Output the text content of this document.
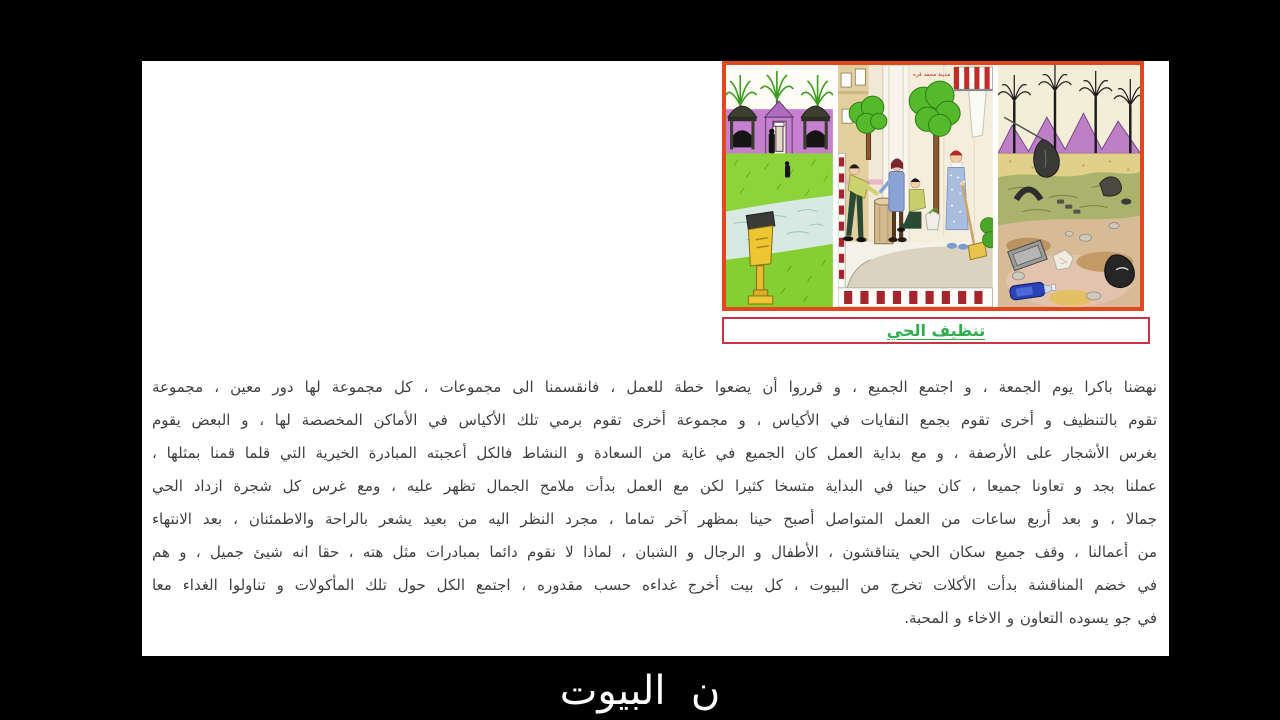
مدينة محمد قره
تنظيف الحي
نهضنا باكرا يوم الجمعة ، و اجتمع الجميع ، و قرروا أن يضعوا خطة للعمل ، فانقسمنا الى مجموعات ، كل مجموعة لها دور معين ، مجموعة
تقوم بالتنظيف و أخرى تقوم بجمع النفايات في الأكياس ، و مجموعة أخرى تقوم برمي تلك الأكياس في الأماكن المخصصة لها ، و البعض يقوم
بغرس الأشجار على الأرصفة ، و مع بداية العمل كان الجميع في غاية من السعادة و النشاط فالكل أعجبته المبادرة الخيرية التي قلما قمنا بمثلها ،
عملنا بجد و تعاونا جميعا ، كان حينا في البداية متسخا كثيرا لكن مع العمل بدأت ملامح الجمال تظهر عليه ، ومع غرس كل شجرة ازداد الحي
جمالا ، و بعد أربع ساعات من العمل المتواصل أصبح حينا بمظهر آخر تماما ، مجرد النظر اليه من بعيد يشعر بالراحة والاطمئنان ، بعد الانتهاء
من أعمالنا ، وقف جميع سكان الحي يتناقشون ، الأطفال و الرجال و الشبان ، لماذا لا نقوم دائما بمبادرات مثل هته ، حقا انه شيئ جميل ، و هم
في خضم المناقشة بدأت الأكلات تخرج من البيوت ، كل بيت أخرج غداءه حسب مقدوره ، اجتمع الكل حول تلك المأكولات و تناولوا الغداء معا
في جو يسوده التعاون و الاخاء و المحبة.
ن  البيوت
